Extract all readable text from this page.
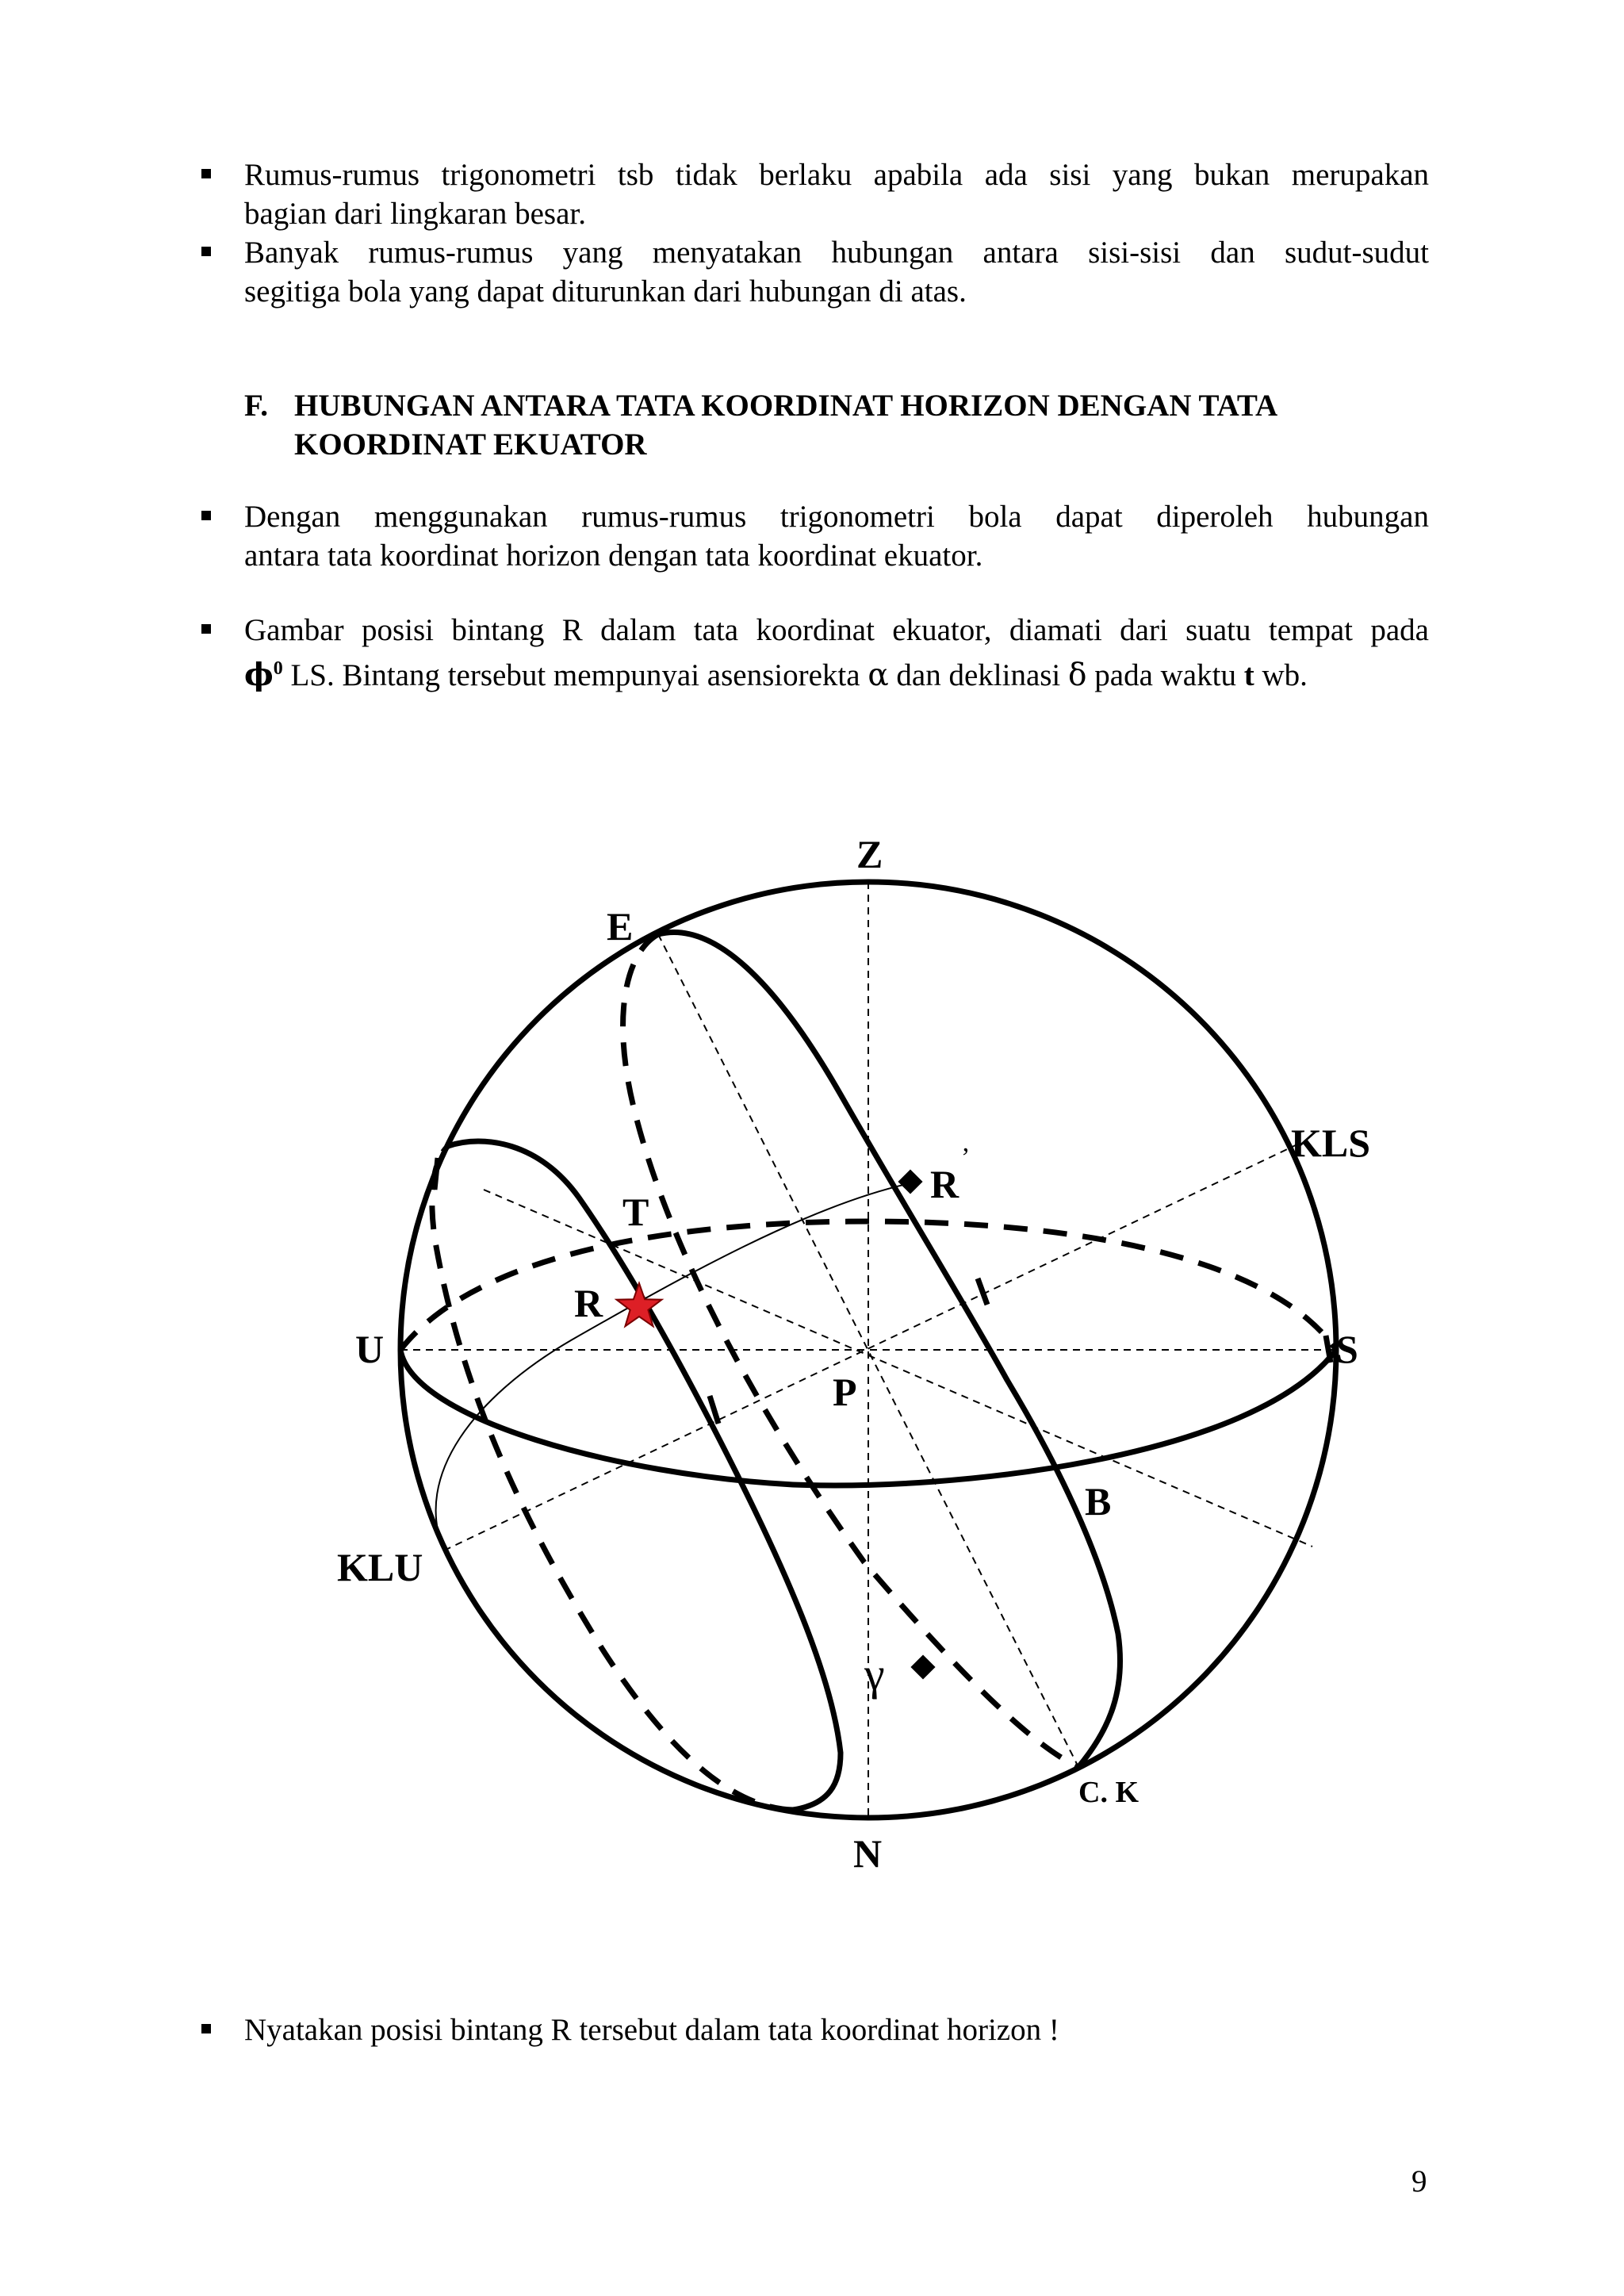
Rumus-rumus trigonometri tsb tidak berlaku apabila ada sisi yang bukan merupakan
bagian dari lingkaran besar.
Banyak rumus-rumus yang menyatakan hubungan antara sisi-sisi dan sudut-sudut
segitiga bola yang dapat diturunkan dari hubungan di atas.
F. HUBUNGAN ANTARA TATA KOORDINAT HORIZON DENGAN TATA
KOORDINAT EKUATOR
Dengan menggunakan rumus-rumus trigonometri bola dapat diperoleh hubungan
antara tata koordinat horizon dengan tata koordinat ekuator.
Gambar posisi bintang R dalam tata koordinat ekuator, diamati dari suatu tempat pada
$\phi^0$ LS. Bintang tersebut mempunyai asensiorekta α dan deklinasi δ pada waktu t wb.
Z
E
KLS
R
’
T
R
U	S
P
B
KLU
γ
C. K
N
Nyatakan posisi bintang R tersebut dalam tata koordinat horizon !
9
